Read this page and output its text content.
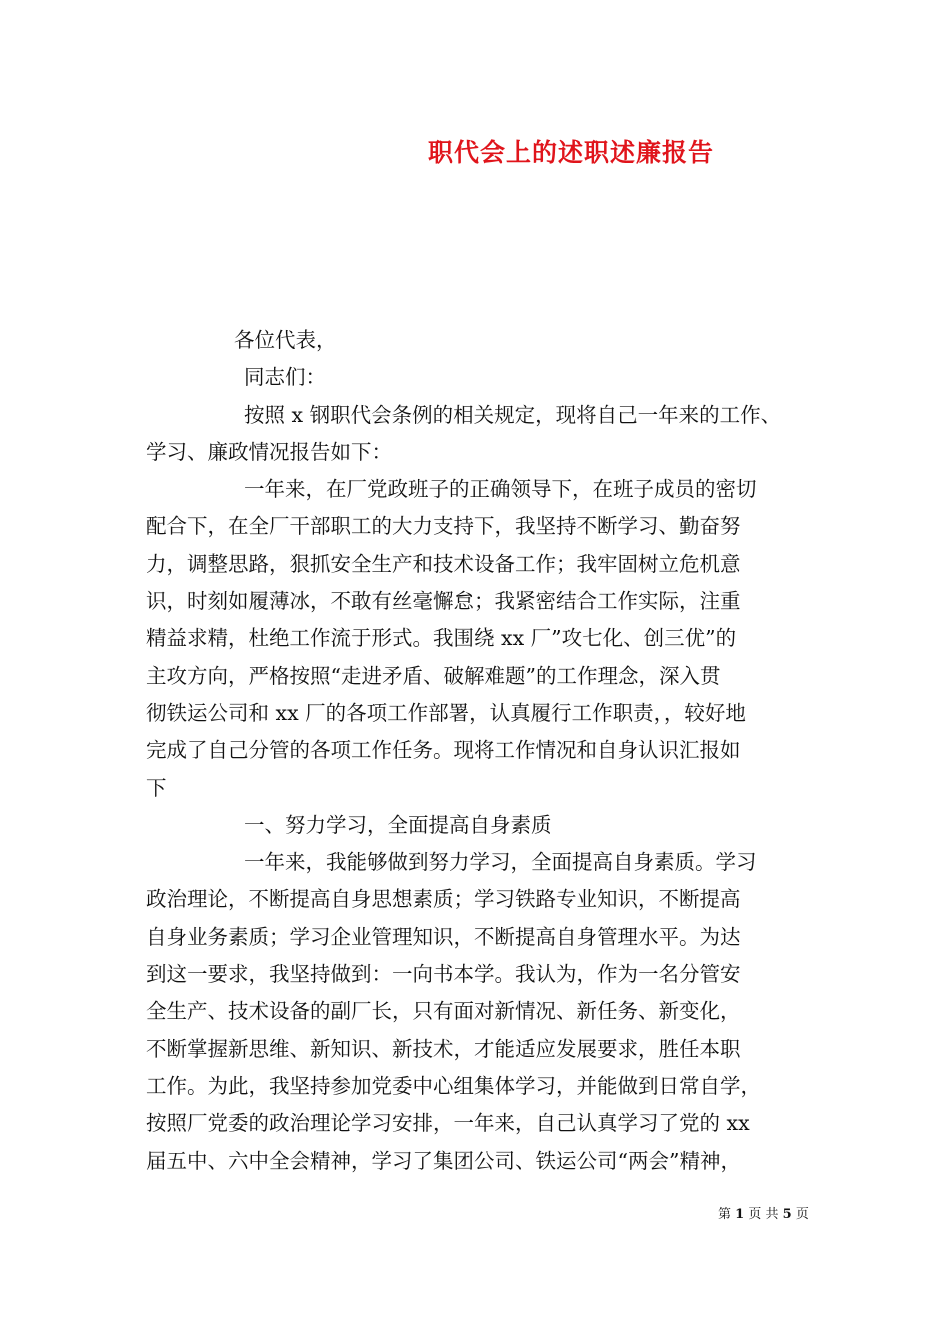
职代会上的述职述廉报告
各位代表，
同志们：
按照 x 钢职代会条例的相关规定，现将自己一年来的工作、
学习、廉政情况报告如下：
一年来，在厂党政班子的正确领导下，在班子成员的密切
配合下，在全厂干部职工的大力支持下，我坚持不断学习、勤奋努
力，调整思路，狠抓安全生产和技术设备工作；我牢固树立危机意
识，时刻如履薄冰，不敢有丝毫懈怠；我紧密结合工作实际，注重
精益求精，杜绝工作流于形式。我围绕 xx 厂”攻七化、创三优”的
主攻方向，严格按照“走进矛盾、破解难题”的工作理念，深入贯
彻铁运公司和 xx 厂的各项工作部署，认真履行工作职责，，较好地
完成了自己分管的各项工作任务。现将工作情况和自身认识汇报如
下
一、努力学习，全面提高自身素质
一年来，我能够做到努力学习，全面提高自身素质。学习
政治理论，不断提高自身思想素质；学习铁路专业知识，不断提高
自身业务素质；学习企业管理知识，不断提高自身管理水平。为达
到这一要求，我坚持做到：一向书本学。我认为，作为一名分管安
全生产、技术设备的副厂长，只有面对新情况、新任务、新变化，
不断掌握新思维、新知识、新技术，才能适应发展要求，胜任本职
工作。为此，我坚持参加党委中心组集体学习，并能做到日常自学，
按照厂党委的政治理论学习安排，一年来，自己认真学习了党的 xx
届五中、六中全会精神，学习了集团公司、铁运公司“两会”精神，
第 1 页 共 5 页
